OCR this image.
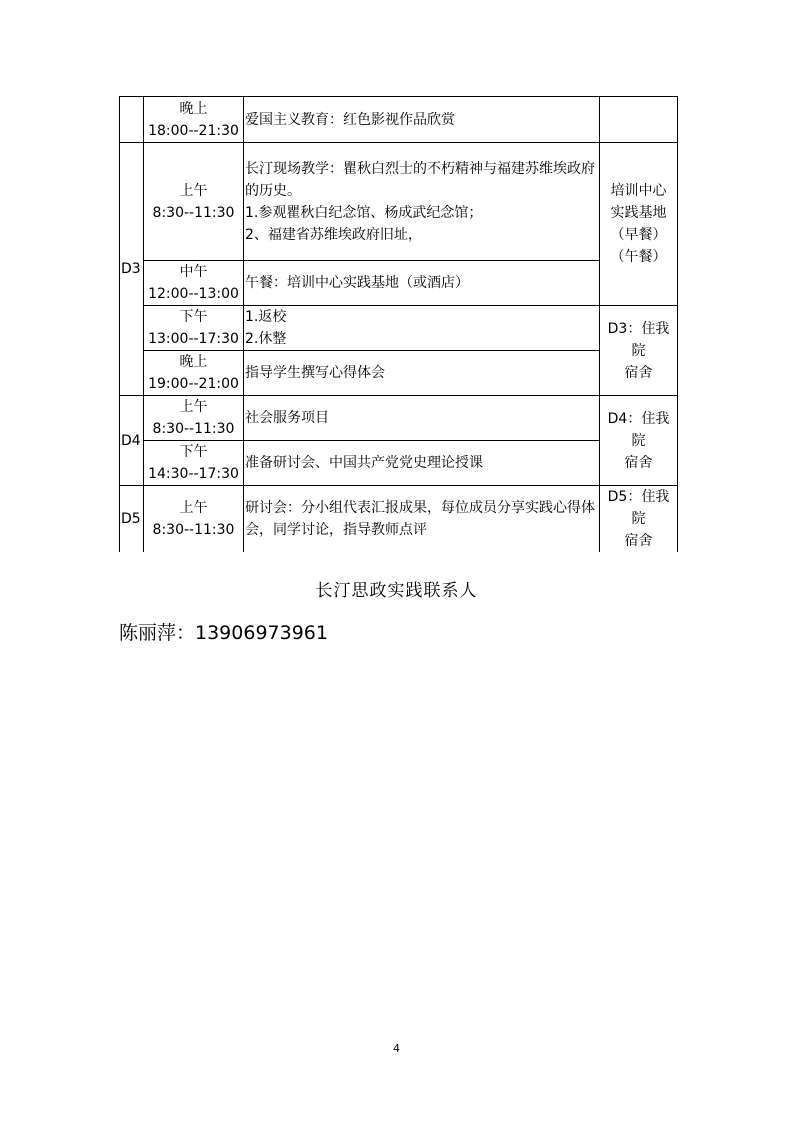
	晚上
18:00--21:30	爱国主义教育：红色影视作品欣赏	

D3	上午
8:30--11:30	长汀现场教学：瞿秋白烈士的不朽精神与福建苏维埃政府的历史。
1.参观瞿秋白纪念馆、杨成武纪念馆；
2、福建省苏维埃政府旧址，	培训中心
实践基地
（早餐）
（午餐）

	中午
12:00--13:00	午餐：培训中心实践基地（或酒店）	

	下午
13:00--17:30	1.返校
2.休整	D3：住我院
宿舍

	晚上
19:00--21:00	指导学生撰写心得体会	

D4	上午
8:30--11:30	社会服务项目	D4：住我院
宿舍

	下午
14:30--17:30	准备研讨会、中国共产党党史理论授课	

D5	上午
8:30--11:30	研讨会：分小组代表汇报成果，每位成员分享实践心得体会，同学讨论，指导教师点评	D5：住我院
宿舍
长汀思政实践联系人
陈丽萍：13906973961
4
